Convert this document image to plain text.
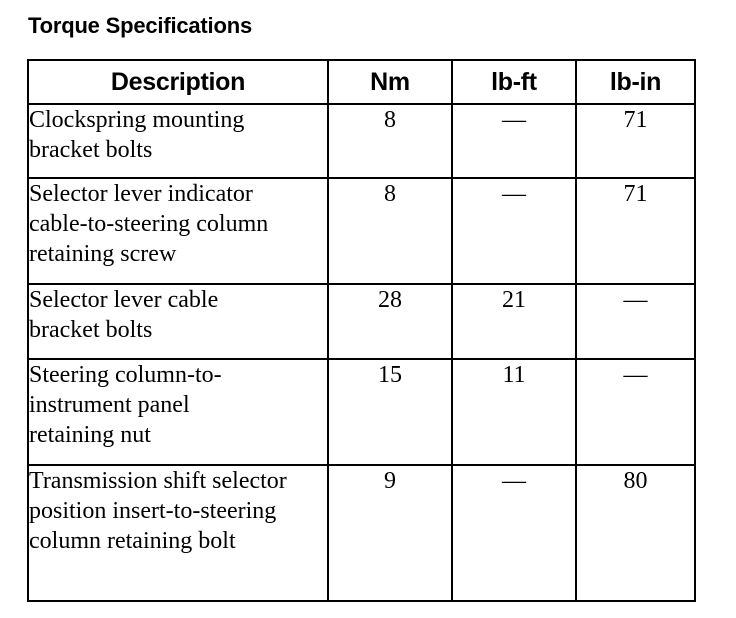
Torque Specifications
Description	Nm	lb-ft	lb-in

Clockspring mounting bracket bolts	8	—	71

Selector lever indicator cable-to-steering column retaining screw	8	—	71

Selector lever cable bracket bolts	28	21	—

Steering column-to-instrument panel retaining nut	15	11	—

Transmission shift selector position insert-to-steering column retaining bolt	9	—	80
